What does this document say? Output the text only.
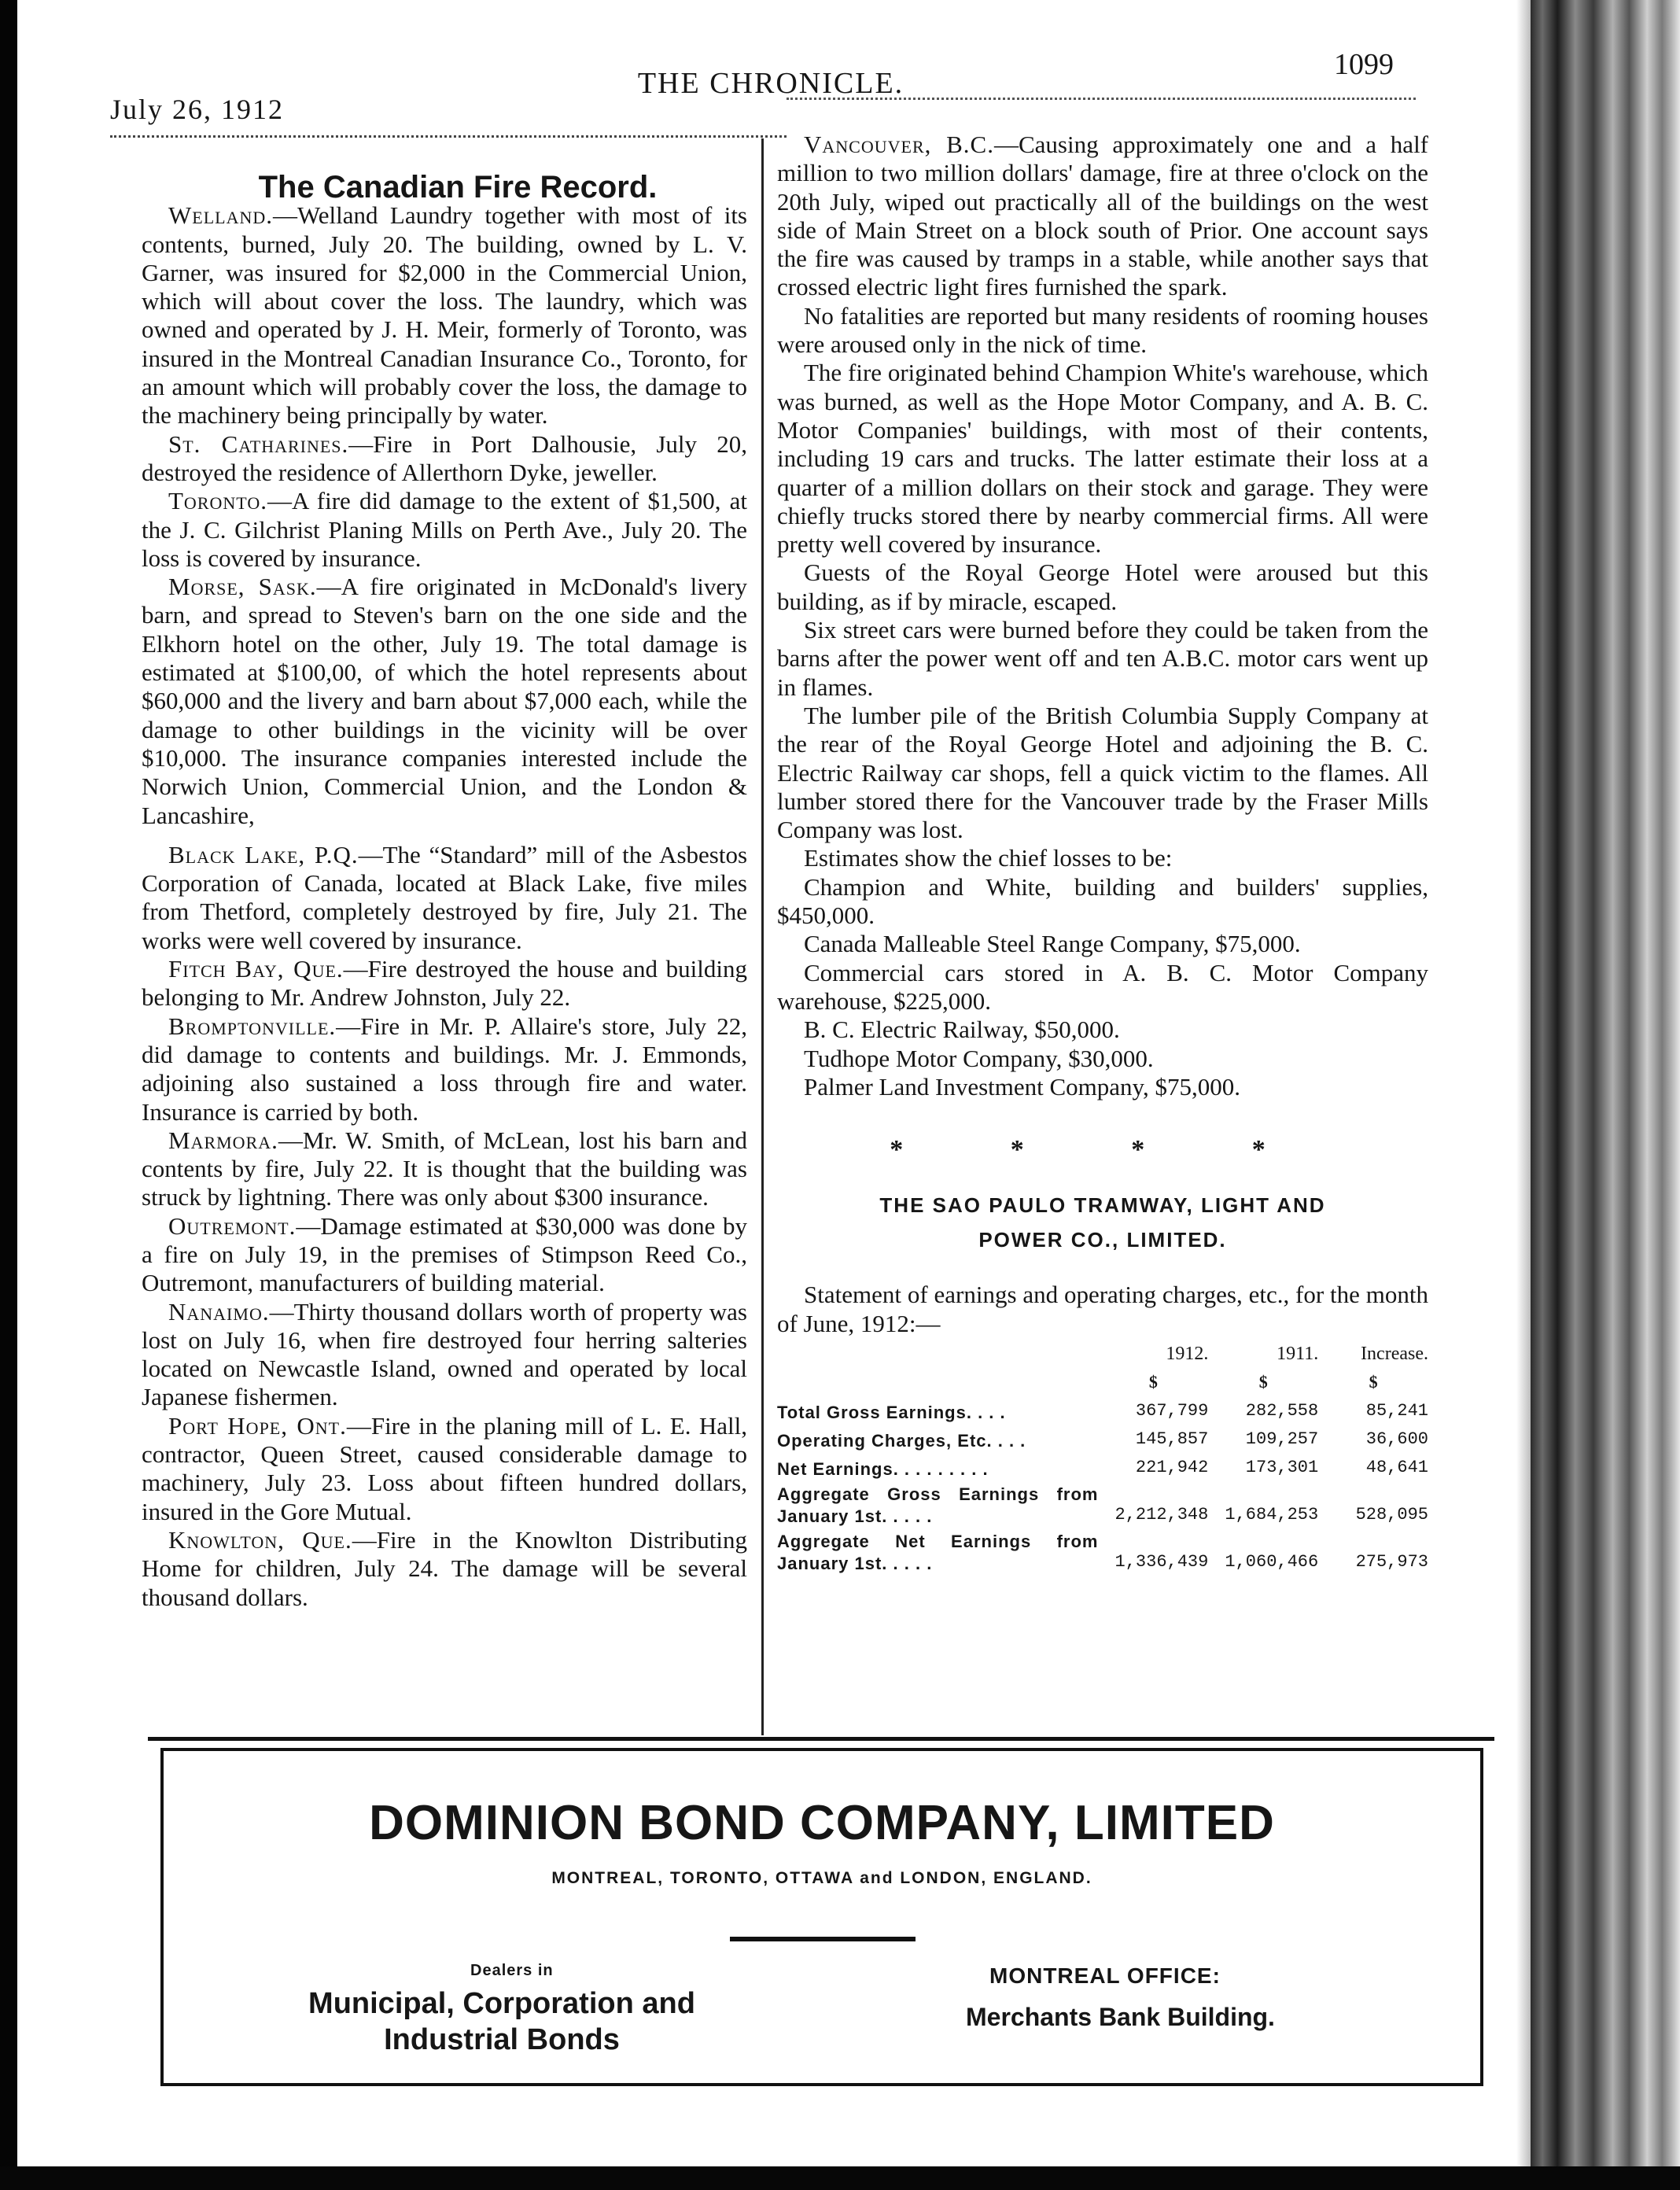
July 26, 1912
THE CHRONICLE.
1099

The Canadian Fire Record.

Welland.—Welland Laundry together with most of its contents, burned, July 20. The building, owned by L. V. Garner, was insured for $2,000 in the Commercial Union, which will about cover the loss. The laundry, which was owned and operated by J. H. Meir, formerly of Toronto, was insured in the Montreal Canadian Insurance Co., Toronto, for an amount which will probably cover the loss, the damage to the machinery being principally by water.

St. Catharines.—Fire in Port Dalhousie, July 20, destroyed the residence of Allerthorn Dyke, jeweller.

Toronto.—A fire did damage to the extent of $1,500, at the J. C. Gilchrist Planing Mills on Perth Ave., July 20. The loss is covered by insurance.

Morse, Sask.—A fire originated in McDonald's livery barn, and spread to Steven's barn on the one side and the Elkhorn hotel on the other, July 19. The total damage is estimated at $100,00, of which the hotel represents about $60,000 and the livery and barn about $7,000 each, while the damage to other buildings in the vicinity will be over $10,000. The insurance companies interested include the Norwich Union, Commercial Union, and the London & Lancashire,

Black Lake, P.Q.—The “Standard” mill of the Asbestos Corporation of Canada, located at Black Lake, five miles from Thetford, completely destroyed by fire, July 21. The works were well covered by insurance.

Fitch Bay, Que.—Fire destroyed the house and building belonging to Mr. Andrew Johnston, July 22.

Bromptonville.—Fire in Mr. P. Allaire's store, July 22, did damage to contents and buildings. Mr. J. Emmonds, adjoining also sustained a loss through fire and water. Insurance is carried by both.

Marmora.—Mr. W. Smith, of McLean, lost his barn and contents by fire, July 22. It is thought that the building was struck by lightning. There was only about $300 insurance.

Outremont.—Damage estimated at $30,000 was done by a fire on July 19, in the premises of Stimpson Reed Co., Outremont, manufacturers of building material.

Nanaimo.—Thirty thousand dollars worth of property was lost on July 16, when fire destroyed four herring salteries located on Newcastle Island, owned and operated by local Japanese fishermen.

Port Hope, Ont.—Fire in the planing mill of L. E. Hall, contractor, Queen Street, caused considerable damage to machinery, July 23. Loss about fifteen hundred dollars, insured in the Gore Mutual.

Knowlton, Que.—Fire in the Knowlton Distributing Home for children, July 24. The damage will be several thousand dollars.

Vancouver, B.C.—Causing approximately one and a half million to two million dollars' damage, fire at three o'clock on the 20th July, wiped out practically all of the buildings on the west side of Main Street on a block south of Prior. One account says the fire was caused by tramps in a stable, while another says that crossed electric light fires furnished the spark.

No fatalities are reported but many residents of rooming houses were aroused only in the nick of time.

The fire originated behind Champion White's warehouse, which was burned, as well as the Hope Motor Company, and A. B. C. Motor Companies' buildings, with most of their contents, including 19 cars and trucks. The latter estimate their loss at a quarter of a million dollars on their stock and garage. They were chiefly trucks stored there by nearby commercial firms. All were pretty well covered by insurance.

Guests of the Royal George Hotel were aroused but this building, as if by miracle, escaped.

Six street cars were burned before they could be taken from the barns after the power went off and ten A.B.C. motor cars went up in flames.

The lumber pile of the British Columbia Supply Company at the rear of the Royal George Hotel and adjoining the B. C. Electric Railway car shops, fell a quick victim to the flames. All lumber stored there for the Vancouver trade by the Fraser Mills Company was lost.

Estimates show the chief losses to be:

Champion and White, building and builders' supplies, $450,000.

Canada Malleable Steel Range Company, $75,000.

Commercial cars stored in A. B. C. Motor Company warehouse, $225,000.

B. C. Electric Railway, $50,000.

Tudhope Motor Company, $30,000.

Palmer Land Investment Company, $75,000.

* * * *
THE SAO PAULO TRAMWAY, LIGHT AND
POWER CO., LIMITED.

Statement of earnings and operating charges, etc., for the month of June, 1912:—

	1912.	1911.	Increase.
	$	$	$
Total Gross Earnings. . . .	367,799	282,558	85,241
Operating Charges, Etc. . . .	145,857	109,257	36,600
Net Earnings. . . . . . . . .	221,942	173,301	48,641
Aggregate Gross Earnings from January 1st. . . . .	2,212,348	1,684,253	528,095
Aggregate Net Earnings from January 1st. . . . .	1,336,439	1,060,466	275,973
DOMINION BOND COMPANY, LIMITED
MONTREAL, TORONTO, OTTAWA and LONDON, ENGLAND.
Dealers in
Municipal, Corporation and
Industrial Bonds
MONTREAL OFFICE:
Merchants Bank Building.
